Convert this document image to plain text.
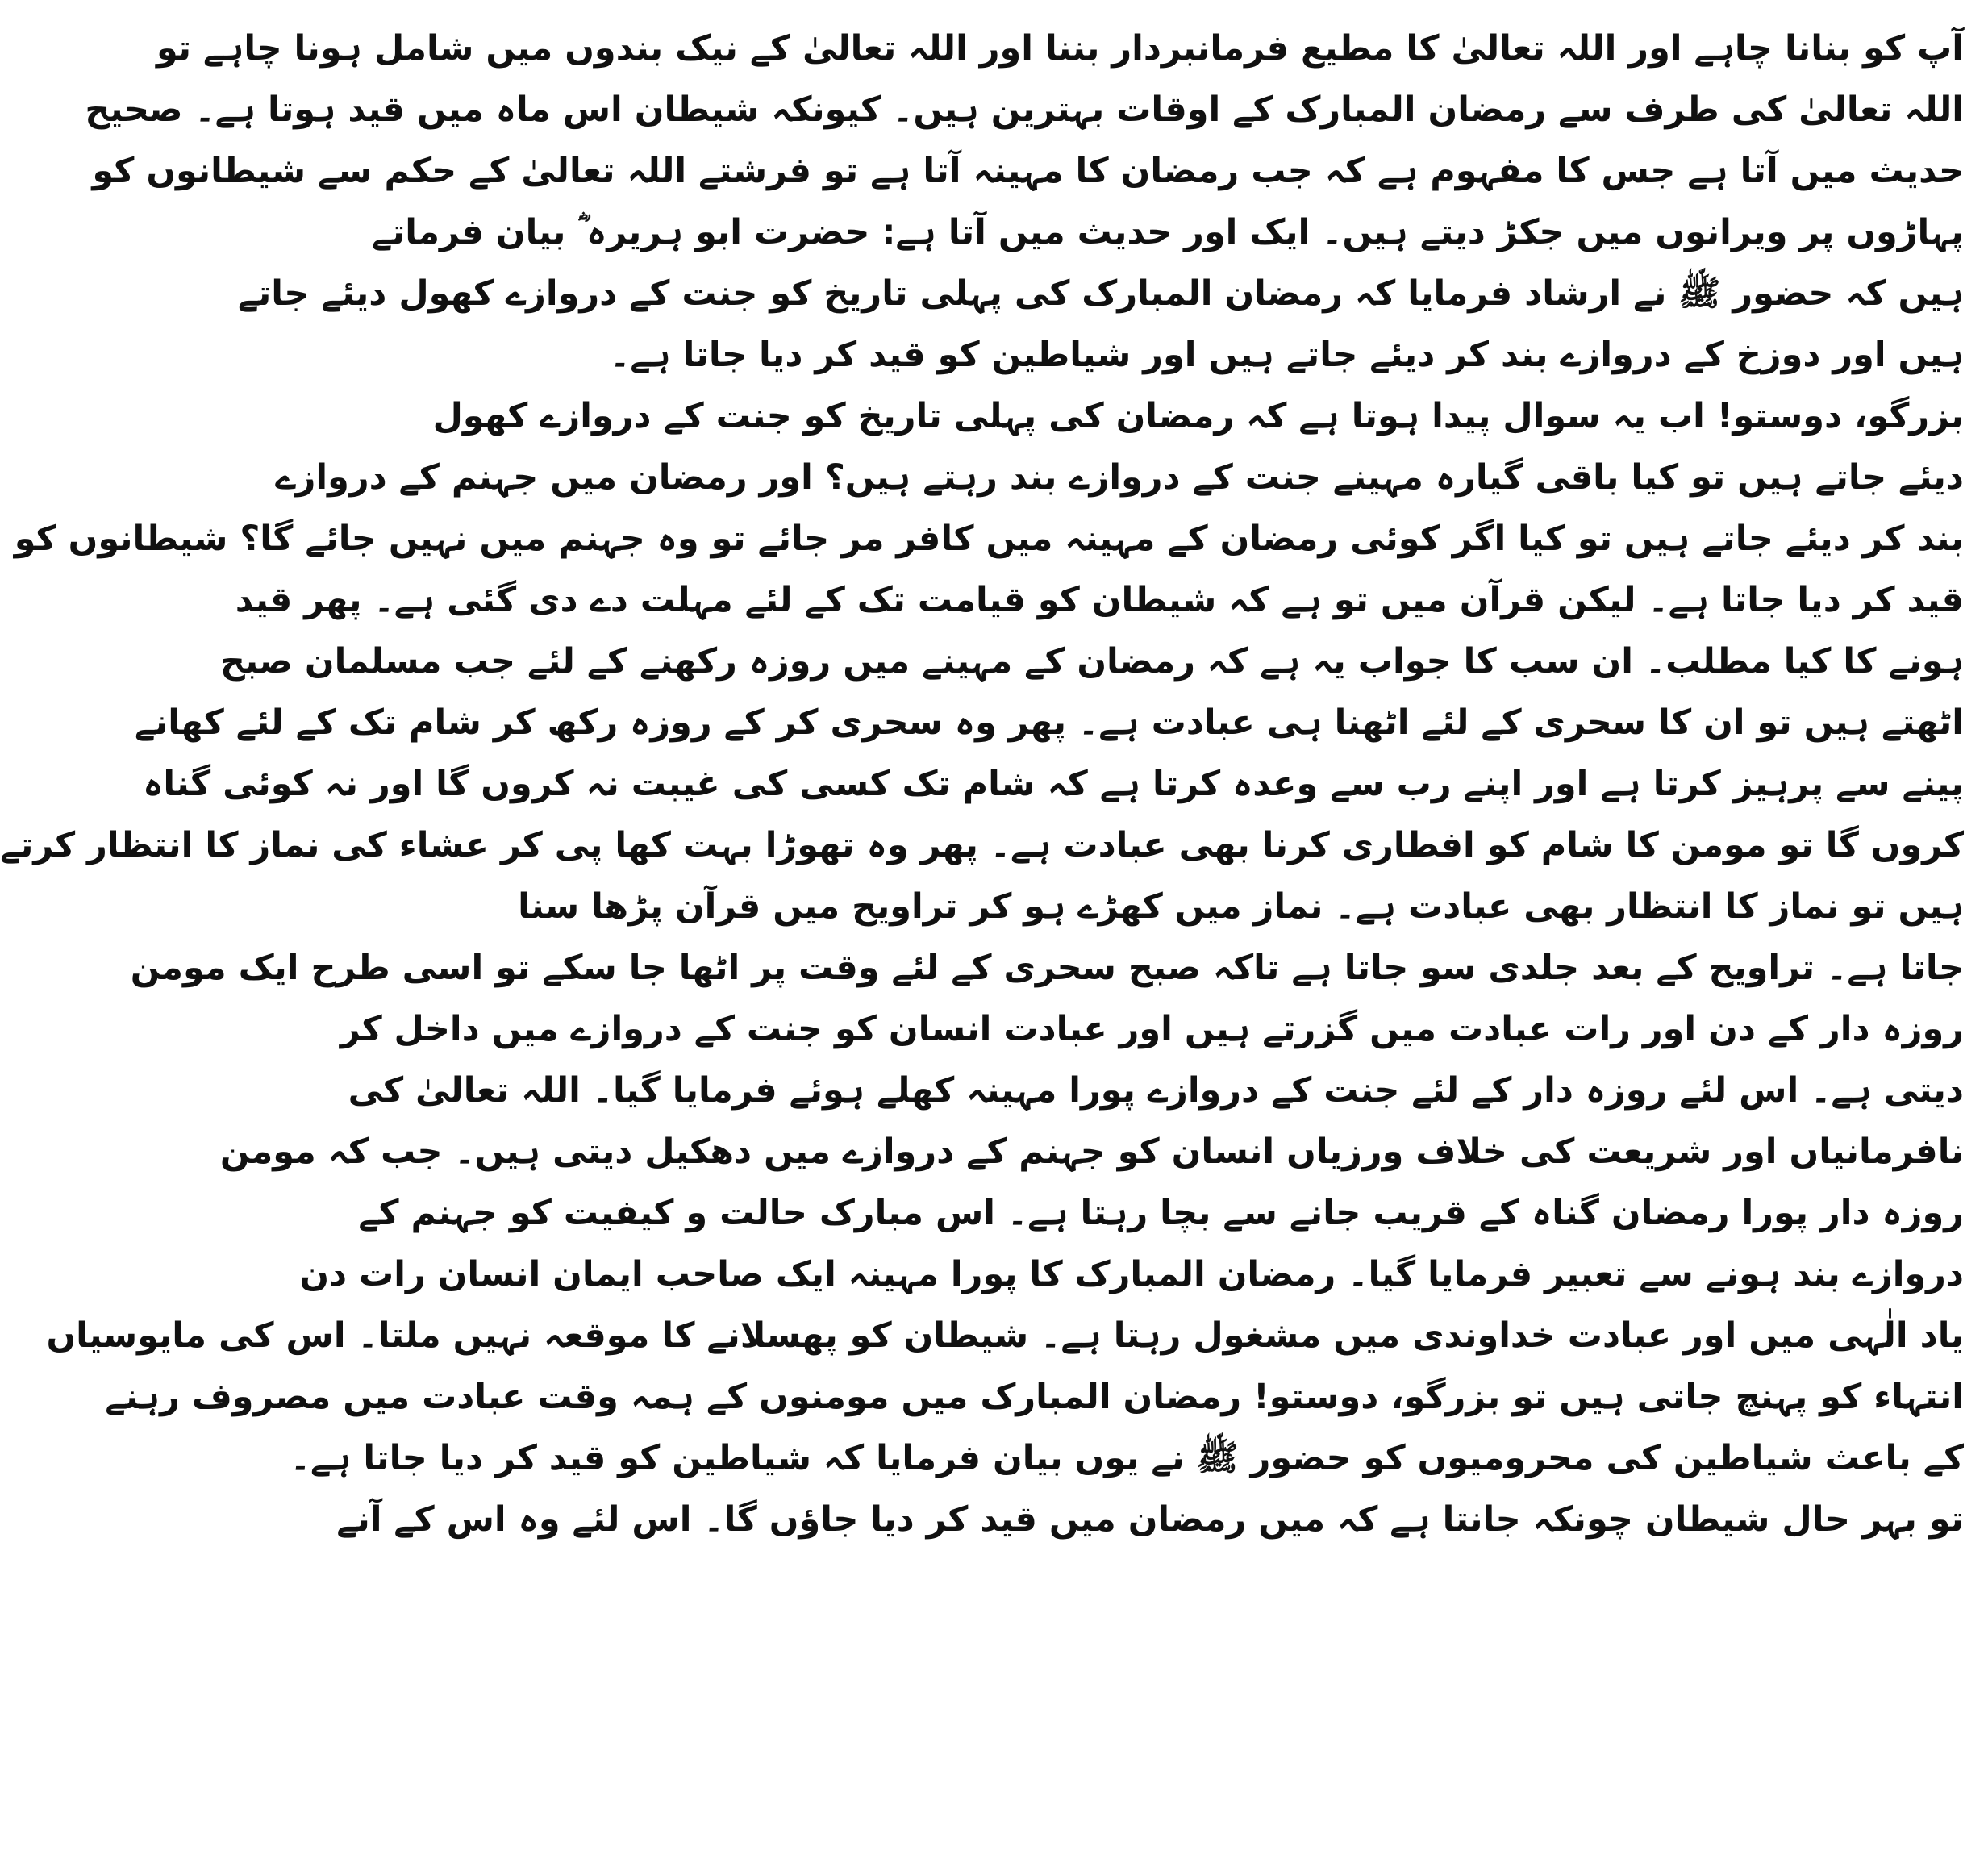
آپ کو بنانا چاہے اور اللہ تعالیٰ کا مطیع فرمانبردار بننا اور اللہ تعالیٰ کے نیک بندوں میں شامل ہونا چاہے تو
اللہ تعالیٰ کی طرف سے رمضان المبارک کے اوقات بہترین ہیں۔ کیونکہ شیطان اس ماہ میں قید ہوتا ہے۔ صحیح
حدیث میں آتا ہے جس کا مفہوم ہے کہ جب رمضان کا مہینہ آتا ہے تو فرشتے اللہ تعالیٰ کے حکم سے شیطانوں کو
پہاڑوں پر ویرانوں میں جکڑ دیتے ہیں۔ ایک اور حدیث میں آتا ہے: حضرت ابو ہریرہ ؓ بیان فرماتے
ہیں کہ حضور ﷺ نے ارشاد فرمایا کہ رمضان المبارک کی پہلی تاریخ کو جنت کے دروازے کھول دیئے جاتے
ہیں اور دوزخ کے دروازے بند کر دیئے جاتے ہیں اور شیاطین کو قید کر دیا جاتا ہے۔
بزرگو، دوستو! اب یہ سوال پیدا ہوتا ہے کہ رمضان کی پہلی تاریخ کو جنت کے دروازے کھول
دیئے جاتے ہیں تو کیا باقی گیارہ مہینے جنت کے دروازے بند رہتے ہیں؟ اور رمضان میں جہنم کے دروازے
بند کر دیئے جاتے ہیں تو کیا اگر کوئی رمضان کے مہینہ میں کافر مر جائے تو وہ جہنم میں نہیں جائے گا؟ شیطانوں کو
قید کر دیا جاتا ہے۔ لیکن قرآن میں تو ہے کہ شیطان کو قیامت تک کے لئے مہلت دے دی گئی ہے۔ پھر قید
ہونے کا کیا مطلب۔ ان سب کا جواب یہ ہے کہ رمضان کے مہینے میں روزہ رکھنے کے لئے جب مسلمان صبح
اٹھتے ہیں تو ان کا سحری کے لئے اٹھنا ہی عبادت ہے۔ پھر وہ سحری کر کے روزہ رکھ کر شام تک کے لئے کھانے
پینے سے پرہیز کرتا ہے اور اپنے رب سے وعدہ کرتا ہے کہ شام تک کسی کی غیبت نہ کروں گا اور نہ کوئی گناہ
کروں گا تو مومن کا شام کو افطاری کرنا بھی عبادت ہے۔ پھر وہ تھوڑا بہت کھا پی کر عشاء کی نماز کا انتظار کرتے
ہیں تو نماز کا انتظار بھی عبادت ہے۔ نماز میں کھڑے ہو کر تراویح میں قرآن پڑھا سنا
جاتا ہے۔ تراویح کے بعد جلدی سو جاتا ہے تاکہ صبح سحری کے لئے وقت پر اٹھا جا سکے تو اسی طرح ایک مومن
روزہ دار کے دن اور رات عبادت میں گزرتے ہیں اور عبادت انسان کو جنت کے دروازے میں داخل کر
دیتی ہے۔ اس لئے روزہ دار کے لئے جنت کے دروازے پورا مہینہ کھلے ہوئے فرمایا گیا۔ اللہ تعالیٰ کی
نافرمانیاں اور شریعت کی خلاف ورزیاں انسان کو جہنم کے دروازے میں دھکیل دیتی ہیں۔ جب کہ مومن
روزہ دار پورا رمضان گناہ کے قریب جانے سے بچا رہتا ہے۔ اس مبارک حالت و کیفیت کو جہنم کے
دروازے بند ہونے سے تعبیر فرمایا گیا۔ رمضان المبارک کا پورا مہینہ ایک صاحب ایمان انسان رات دن
یاد الٰہی میں اور عبادت خداوندی میں مشغول رہتا ہے۔ شیطان کو پھسلانے کا موقعہ نہیں ملتا۔ اس کی مایوسیاں
انتہاء کو پہنچ جاتی ہیں تو بزرگو، دوستو! رمضان المبارک میں مومنوں کے ہمہ وقت عبادت میں مصروف رہنے
کے باعث شیاطین کی محرومیوں کو حضور ﷺ نے یوں بیان فرمایا کہ شیاطین کو قید کر دیا جاتا ہے۔
تو بہر حال شیطان چونکہ جانتا ہے کہ میں رمضان میں قید کر دیا جاؤں گا۔ اس لئے وہ اس کے آنے
